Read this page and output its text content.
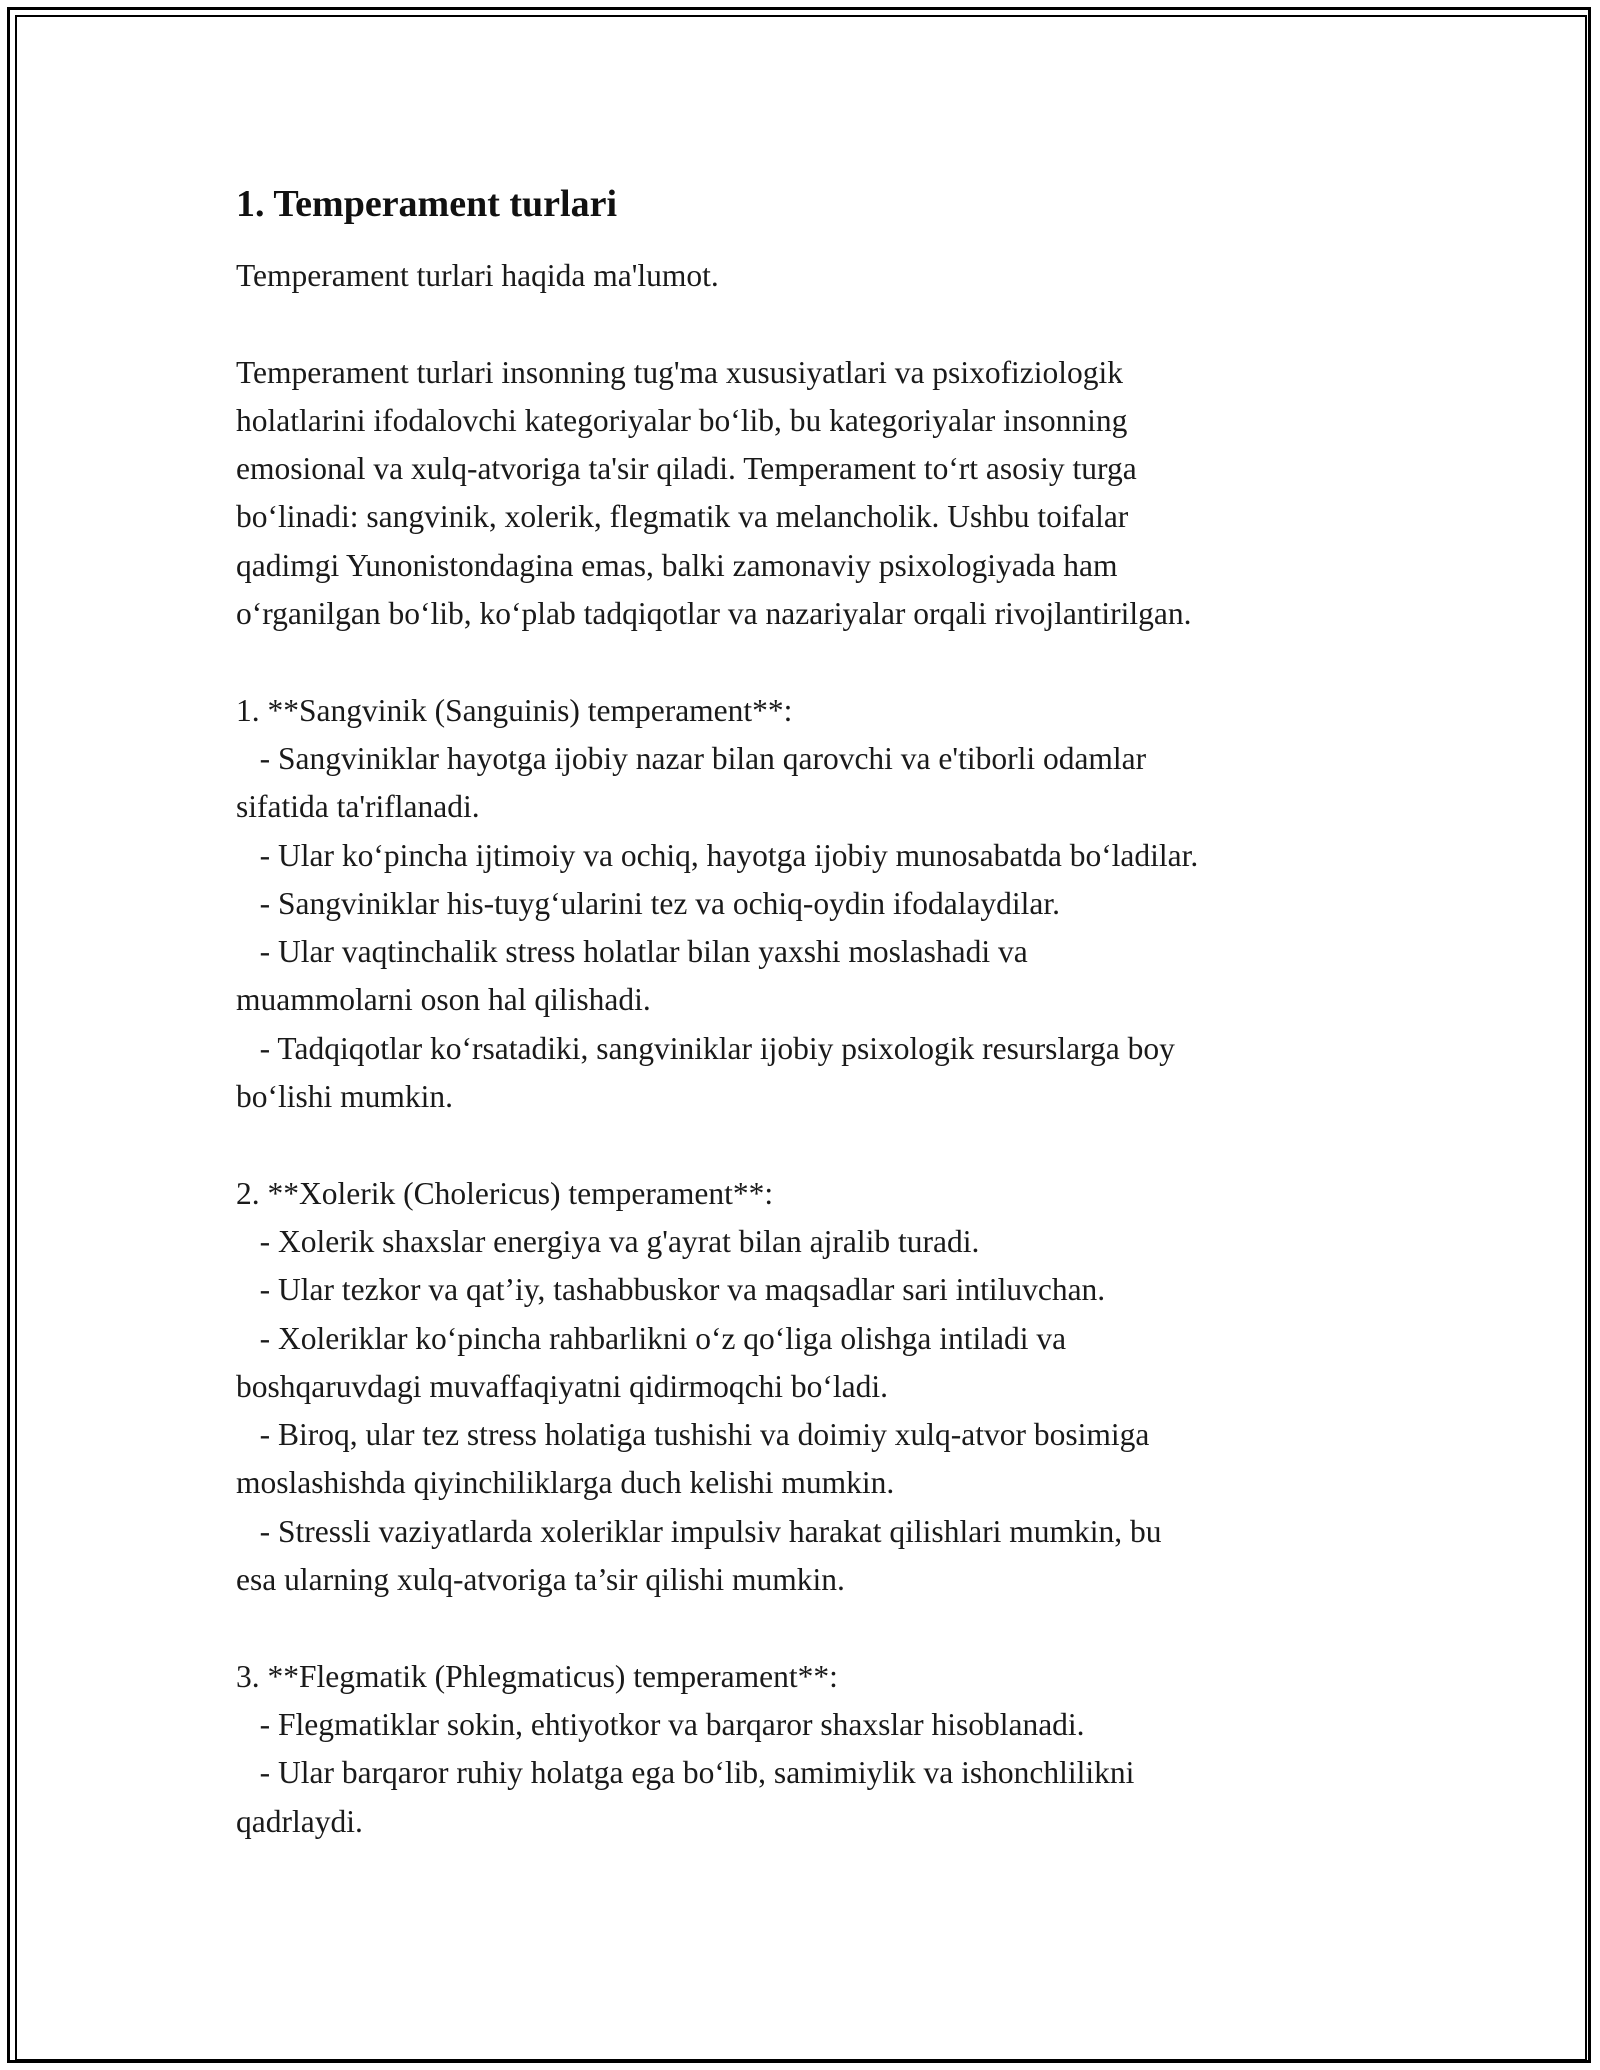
1. Temperament turlari

Temperament turlari haqida ma'lumot.

Temperament turlari insonning tug'ma xususiyatlari va psixofiziologik
holatlarini ifodalovchi kategoriyalar bo‘lib, bu kategoriyalar insonning
emosional va xulq-atvoriga ta'sir qiladi. Temperament to‘rt asosiy turga
bo‘linadi: sangvinik, xolerik, flegmatik va melancholik. Ushbu toifalar
qadimgi Yunonistondagina emas, balki zamonaviy psixologiyada ham
o‘rganilgan bo‘lib, ko‘plab tadqiqotlar va nazariyalar orqali rivojlantirilgan.

1. **Sangvinik (Sanguinis) temperament**:

- Sangviniklar hayotga ijobiy nazar bilan qarovchi va e'tiborli odamlar
sifatida ta'riflanadi.
- Ular ko‘pincha ijtimoiy va ochiq, hayotga ijobiy munosabatda bo‘ladilar.
- Sangviniklar his-tuyg‘ularini tez va ochiq-oydin ifodalaydilar.
- Ular vaqtinchalik stress holatlar bilan yaxshi moslashadi va
muammolarni oson hal qilishadi.
- Tadqiqotlar ko‘rsatadiki, sangviniklar ijobiy psixologik resurslarga boy
bo‘lishi mumkin.

2. **Xolerik (Cholericus) temperament**:

- Xolerik shaxslar energiya va g'ayrat bilan ajralib turadi.
- Ular tezkor va qat’iy, tashabbuskor va maqsadlar sari intiluvchan.
- Xoleriklar ko‘pincha rahbarlikni o‘z qo‘liga olishga intiladi va
boshqaruvdagi muvaffaqiyatni qidirmoqchi bo‘ladi.
- Biroq, ular tez stress holatiga tushishi va doimiy xulq-atvor bosimiga
moslashishda qiyinchiliklarga duch kelishi mumkin.
- Stressli vaziyatlarda xoleriklar impulsiv harakat qilishlari mumkin, bu
esa ularning xulq-atvoriga ta’sir qilishi mumkin.

3. **Flegmatik (Phlegmaticus) temperament**:

- Flegmatiklar sokin, ehtiyotkor va barqaror shaxslar hisoblanadi.
- Ular barqaror ruhiy holatga ega bo‘lib, samimiylik va ishonchlilikni
qadrlaydi.
